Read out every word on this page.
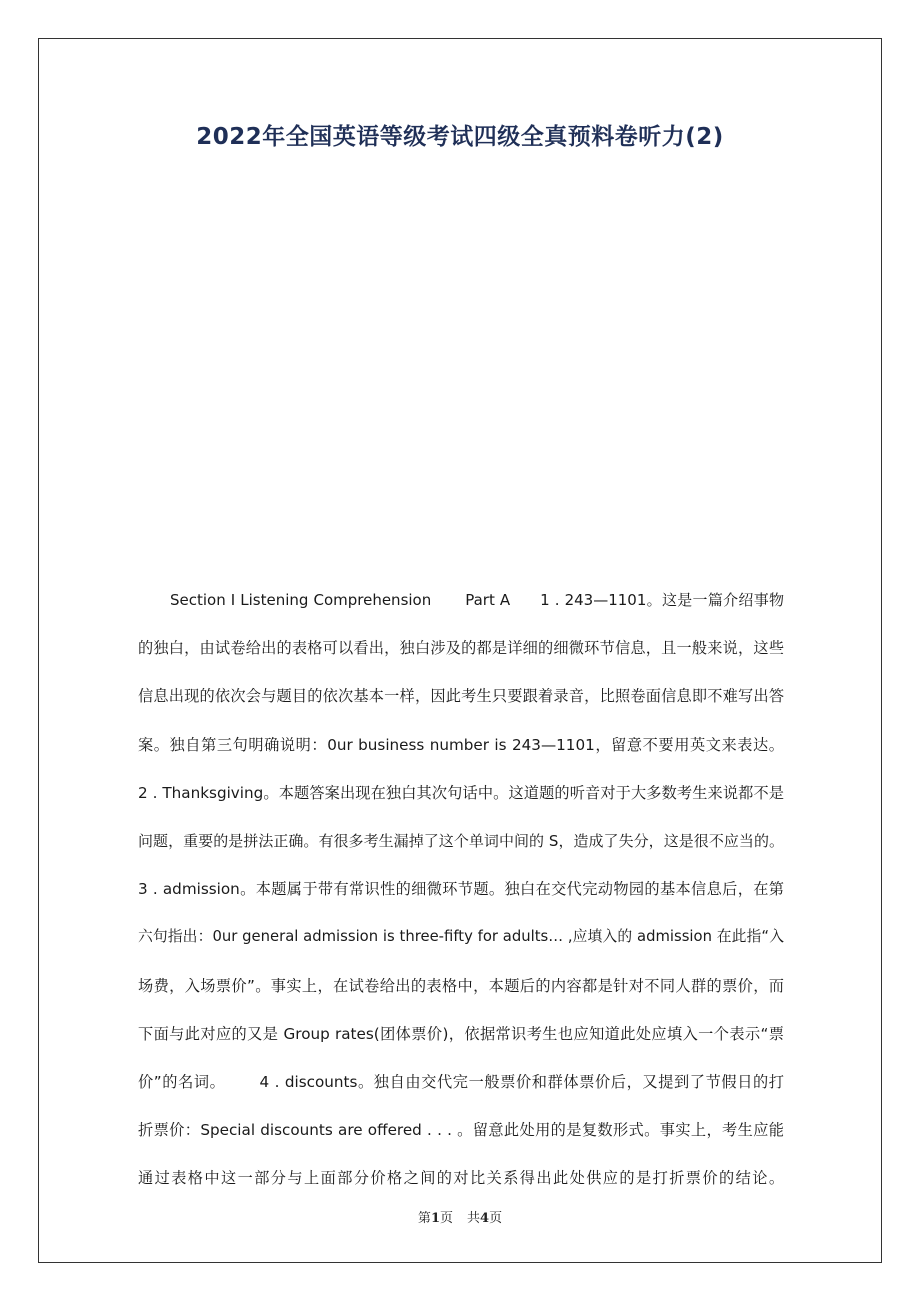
2022年全国英语等级考试四级全真预料卷听力(2)
Section I Listening Comprehension Part A 1 . 243—1101。这是一篇介绍事物
的独白，由试卷给出的表格可以看出，独白涉及的都是详细的细微环节信息，且一般来说，这些
信息出现的依次会与题目的依次基本一样，因此考生只要跟着录音，比照卷面信息即不难写出答
案。独自第三句明确说明：0ur business number is 243—1101，留意不要用英文来表达。
2 . Thanksgiving。本题答案出现在独白其次句话中。这道题的听音对于大多数考生来说都不是
问题，重要的是拼法正确。有很多考生漏掉了这个单词中间的 S，造成了失分，这是很不应当的。
3 . admission。本题属于带有常识性的细微环节题。独白在交代完动物园的基本信息后，在第
六句指出：0ur general admission is three-fifty for adults… ,应填入的 admission 在此指“入
场费，入场票价”。事实上，在试卷给出的表格中，本题后的内容都是针对不同人群的票价，而
下面与此对应的又是 Group rates(团体票价)，依据常识考生也应知道此处应填入一个表示“票
价”的名词。 4 . discounts。独自由交代完一般票价和群体票价后，又提到了节假日的打
折票价：Special discounts are offered . . . 。留意此处用的是复数形式。事实上，考生应能
通过表格中这一部分与上面部分价格之间的对比关系得出此处供应的是打折票价的结论。
第1页 共4页
